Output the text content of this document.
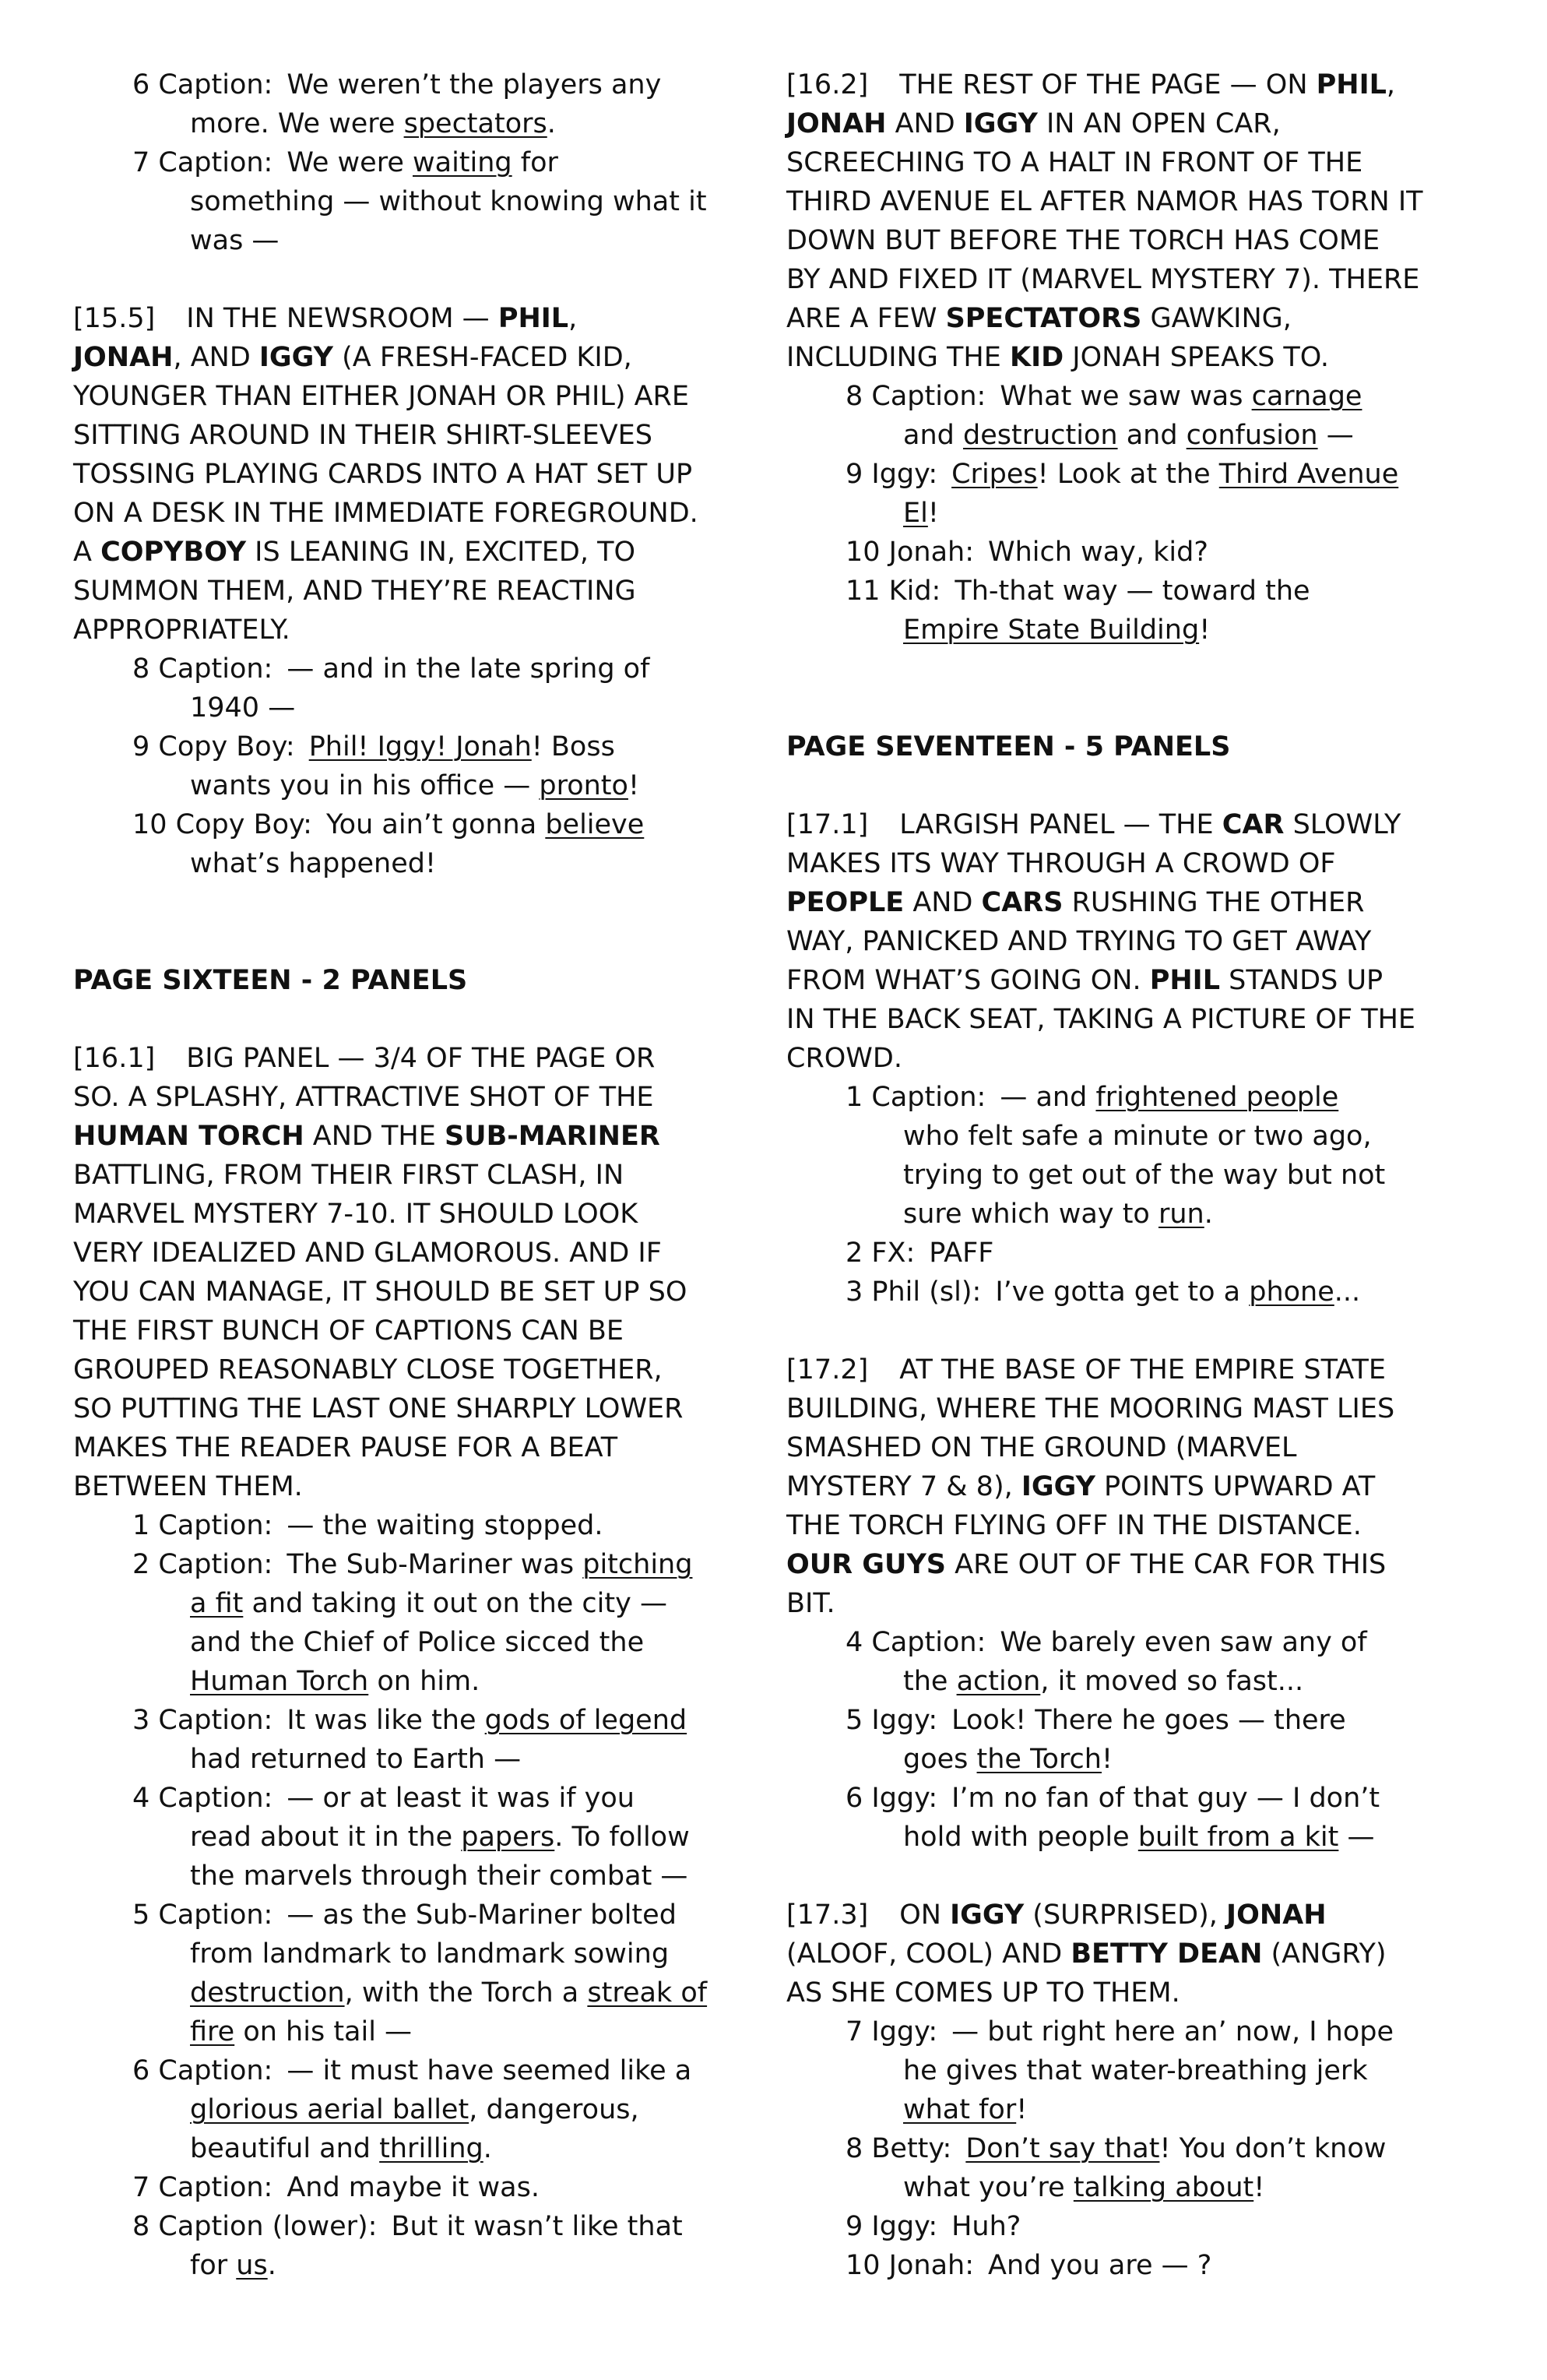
6 Caption: We weren’t the players any
more. We were spectators.
7 Caption: We were waiting for
something — without knowing what it
was —
[15.5] IN THE NEWSROOM — PHIL,
JONAH, AND IGGY (A FRESH-FACED KID,
YOUNGER THAN EITHER JONAH OR PHIL) ARE
SITTING AROUND IN THEIR SHIRT-SLEEVES
TOSSING PLAYING CARDS INTO A HAT SET UP
ON A DESK IN THE IMMEDIATE FOREGROUND.
A COPYBOY IS LEANING IN, EXCITED, TO
SUMMON THEM, AND THEY’RE REACTING
APPROPRIATELY.
8 Caption: — and in the late spring of
1940 —
9 Copy Boy: Phil! Iggy! Jonah! Boss
wants you in his office — pronto!
10 Copy Boy: You ain’t gonna believe
what’s happened!
PAGE SIXTEEN - 2 PANELS
[16.1] BIG PANEL — 3/4 OF THE PAGE OR
SO. A SPLASHY, ATTRACTIVE SHOT OF THE
HUMAN TORCH AND THE SUB-MARINER
BATTLING, FROM THEIR FIRST CLASH, IN
MARVEL MYSTERY 7-10. IT SHOULD LOOK
VERY IDEALIZED AND GLAMOROUS. AND IF
YOU CAN MANAGE, IT SHOULD BE SET UP SO
THE FIRST BUNCH OF CAPTIONS CAN BE
GROUPED REASONABLY CLOSE TOGETHER,
SO PUTTING THE LAST ONE SHARPLY LOWER
MAKES THE READER PAUSE FOR A BEAT
BETWEEN THEM.
1 Caption: — the waiting stopped.
2 Caption: The Sub-Mariner was pitching
a fit and taking it out on the city —
and the Chief of Police sicced the
Human Torch on him.
3 Caption: It was like the gods of legend
had returned to Earth —
4 Caption: — or at least it was if you
read about it in the papers. To follow
the marvels through their combat —
5 Caption: — as the Sub-Mariner bolted
from landmark to landmark sowing
destruction, with the Torch a streak of
fire on his tail —
6 Caption: — it must have seemed like a
glorious aerial ballet, dangerous,
beautiful and thrilling.
7 Caption: And maybe it was.
8 Caption (lower): But it wasn’t like that
for us.
[16.2] THE REST OF THE PAGE — ON PHIL,
JONAH AND IGGY IN AN OPEN CAR,
SCREECHING TO A HALT IN FRONT OF THE
THIRD AVENUE EL AFTER NAMOR HAS TORN IT
DOWN BUT BEFORE THE TORCH HAS COME
BY AND FIXED IT (MARVEL MYSTERY 7). THERE
ARE A FEW SPECTATORS GAWKING,
INCLUDING THE KID JONAH SPEAKS TO.
8 Caption: What we saw was carnage
and destruction and confusion —
9 Iggy: Cripes! Look at the Third Avenue
El!
10 Jonah: Which way, kid?
11 Kid: Th-that way — toward the
Empire State Building!
PAGE SEVENTEEN - 5 PANELS
[17.1] LARGISH PANEL — THE CAR SLOWLY
MAKES ITS WAY THROUGH A CROWD OF
PEOPLE AND CARS RUSHING THE OTHER
WAY, PANICKED AND TRYING TO GET AWAY
FROM WHAT’S GOING ON. PHIL STANDS UP
IN THE BACK SEAT, TAKING A PICTURE OF THE
CROWD.
1 Caption: — and frightened people
who felt safe a minute or two ago,
trying to get out of the way but not
sure which way to run.
2 FX: PAFF
3 Phil (sl): I’ve gotta get to a phone...
[17.2] AT THE BASE OF THE EMPIRE STATE
BUILDING, WHERE THE MOORING MAST LIES
SMASHED ON THE GROUND (MARVEL
MYSTERY 7 & 8), IGGY POINTS UPWARD AT
THE TORCH FLYING OFF IN THE DISTANCE.
OUR GUYS ARE OUT OF THE CAR FOR THIS
BIT.
4 Caption: We barely even saw any of
the action, it moved so fast...
5 Iggy: Look! There he goes — there
goes the Torch!
6 Iggy: I’m no fan of that guy — I don’t
hold with people built from a kit —
[17.3] ON IGGY (SURPRISED), JONAH
(ALOOF, COOL) AND BETTY DEAN (ANGRY)
AS SHE COMES UP TO THEM.
7 Iggy: — but right here an’ now, I hope
he gives that water-breathing jerk
what for!
8 Betty: Don’t say that! You don’t know
what you’re talking about!
9 Iggy: Huh?
10 Jonah: And you are — ?
